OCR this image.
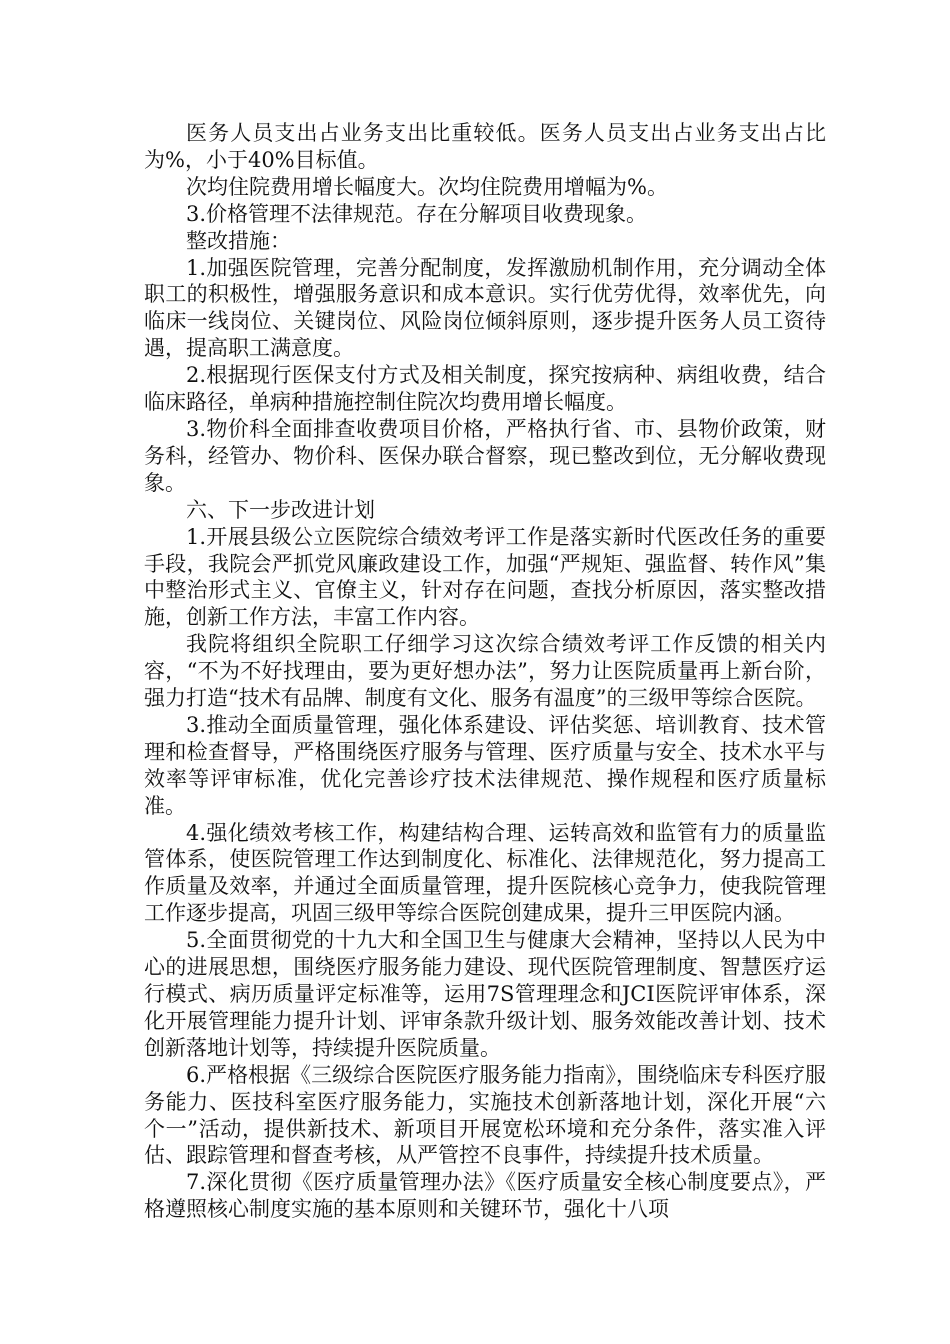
医务人员支出占业务支出比重较低。医务人员支出占业务支出占比为%，小于40%目标值。

次均住院费用增长幅度大。次均住院费用增幅为%。

3.价格管理不法律规范。存在分解项目收费现象。

整改措施：

1.加强医院管理，完善分配制度，发挥激励机制作用，充分调动全体职工的积极性，增强服务意识和成本意识。实行优劳优得，效率优先，向临床一线岗位、关键岗位、风险岗位倾斜原则，逐步提升医务人员工资待遇，提高职工满意度。

2.根据现行医保支付方式及相关制度，探究按病种、病组收费，结合临床路径，单病种措施控制住院次均费用增长幅度。

3.物价科全面排查收费项目价格，严格执行省、市、县物价政策，财务科，经管办、物价科、医保办联合督察，现已整改到位，无分解收费现象。

六、下一步改进计划

1.开展县级公立医院综合绩效考评工作是落实新时代医改任务的重要手段，我院会严抓党风廉政建设工作，加强“严规矩、强监督、转作风”集中整治形式主义、官僚主义，针对存在问题，查找分析原因，落实整改措施，创新工作方法，丰富工作内容。

我院将组织全院职工仔细学习这次综合绩效考评工作反馈的相关内容，“不为不好找理由，要为更好想办法”，努力让医院质量再上新台阶，强力打造“技术有品牌、制度有文化、服务有温度”的三级甲等综合医院。

3.推动全面质量管理，强化体系建设、评估奖惩、培训教育、技术管理和检查督导，严格围绕医疗服务与管理、医疗质量与安全、技术水平与效率等评审标准，优化完善诊疗技术法律规范、操作规程和医疗质量标准。

4.强化绩效考核工作，构建结构合理、运转高效和监管有力的质量监管体系，使医院管理工作达到制度化、标准化、法律规范化，努力提高工作质量及效率，并通过全面质量管理，提升医院核心竞争力，使我院管理工作逐步提高，巩固三级甲等综合医院创建成果，提升三甲医院内涵。

5.全面贯彻党的十九大和全国卫生与健康大会精神，坚持以人民为中心的进展思想，围绕医疗服务能力建设、现代医院管理制度、智慧医疗运行模式、病历质量评定标准等，运用7S管理理念和JCI医院评审体系，深化开展管理能力提升计划、评审条款升级计划、服务效能改善计划、技术创新落地计划等，持续提升医院质量。

6.严格根据《三级综合医院医疗服务能力指南》，围绕临床专科医疗服务能力、医技科室医疗服务能力，实施技术创新落地计划，深化开展“六个一”活动，提供新技术、新项目开展宽松环境和充分条件，落实准入评估、跟踪管理和督查考核，从严管控不良事件，持续提升技术质量。

7.深化贯彻《医疗质量管理办法》《医疗质量安全核心制度要点》，严格遵照核心制度实施的基本原则和关键环节，强化十八项
